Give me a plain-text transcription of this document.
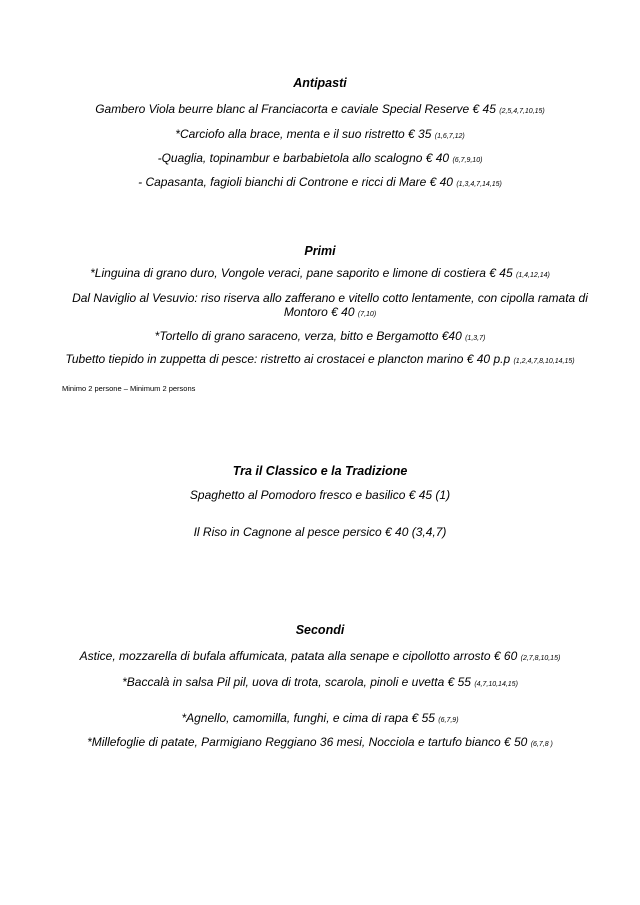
Antipasti
Gambero Viola beurre blanc al Franciacorta e caviale Special Reserve € 45 (2,5,4,7,10,15)
*Carciofo alla brace, menta e il suo ristretto € 35 (1,6,7,12)
-Quaglia, topinambur e barbabietola allo scalogno € 40 (6,7,9,10)
- Capasanta, fagioli bianchi di Controne e ricci di Mare € 40 (1,3,4,7,14,15)
Primi
*Linguina di grano duro, Vongole veraci, pane saporito e limone di costiera € 45 (1,4,12,14)
Dal Naviglio al Vesuvio: riso riserva allo zafferano e vitello cotto lentamente, con cipolla ramata di Montoro € 40 (7,10)
*Tortello di grano saraceno, verza, bitto e Bergamotto €40 (1,3,7)
Tubetto tiepido in zuppetta di pesce: ristretto ai crostacei e plancton marino € 40 p.p (1,2,4,7,8,10,14,15)
Minimo 2 persone – Minimum 2 persons
Tra il Classico e la Tradizione
Spaghetto al Pomodoro fresco e basilico € 45 (1)
Il Riso in Cagnone al pesce persico € 40 (3,4,7)
Secondi
Astice, mozzarella di bufala affumicata, patata alla senape e cipollotto arrosto € 60 (2,7,8,10,15)
*Baccalà in salsa Pil pil, uova di trota, scarola, pinoli e uvetta € 55 (4,7,10,14,15)
*Agnello, camomilla, funghi, e cima di rapa € 55 (6,7,9)
*Millefoglie di patate, Parmigiano Reggiano 36 mesi, Nocciola e tartufo bianco € 50 (6,7,8 )
